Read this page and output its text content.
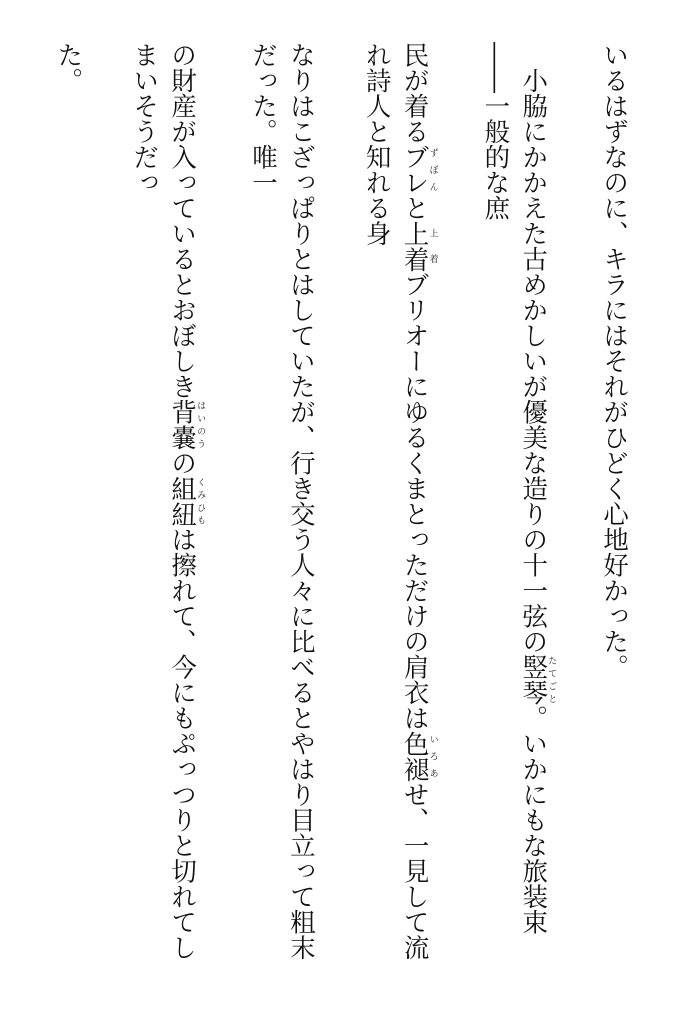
いるはずなのに、キラにはそれがひどく心地好かった。

　小脇にかかえた古めかしいが優美な造りの十一弦の竪琴たてごと。いかにもな旅装束――一般的な庶

民が着るブレずぼんと上着上着ブリオーにゆるくまとっただけの肩衣は色褪いろあせ、一見して流れ詩人と知れる身

なりはこざっぱりとはしていたが、行き交う人々に比べるとやはり目立って粗末だった。唯一

の財産が入っているとおぼしき背嚢はいのうの組紐くみひもは擦れて、今にもぷっつりと切れてしまいそうだっ

た。
